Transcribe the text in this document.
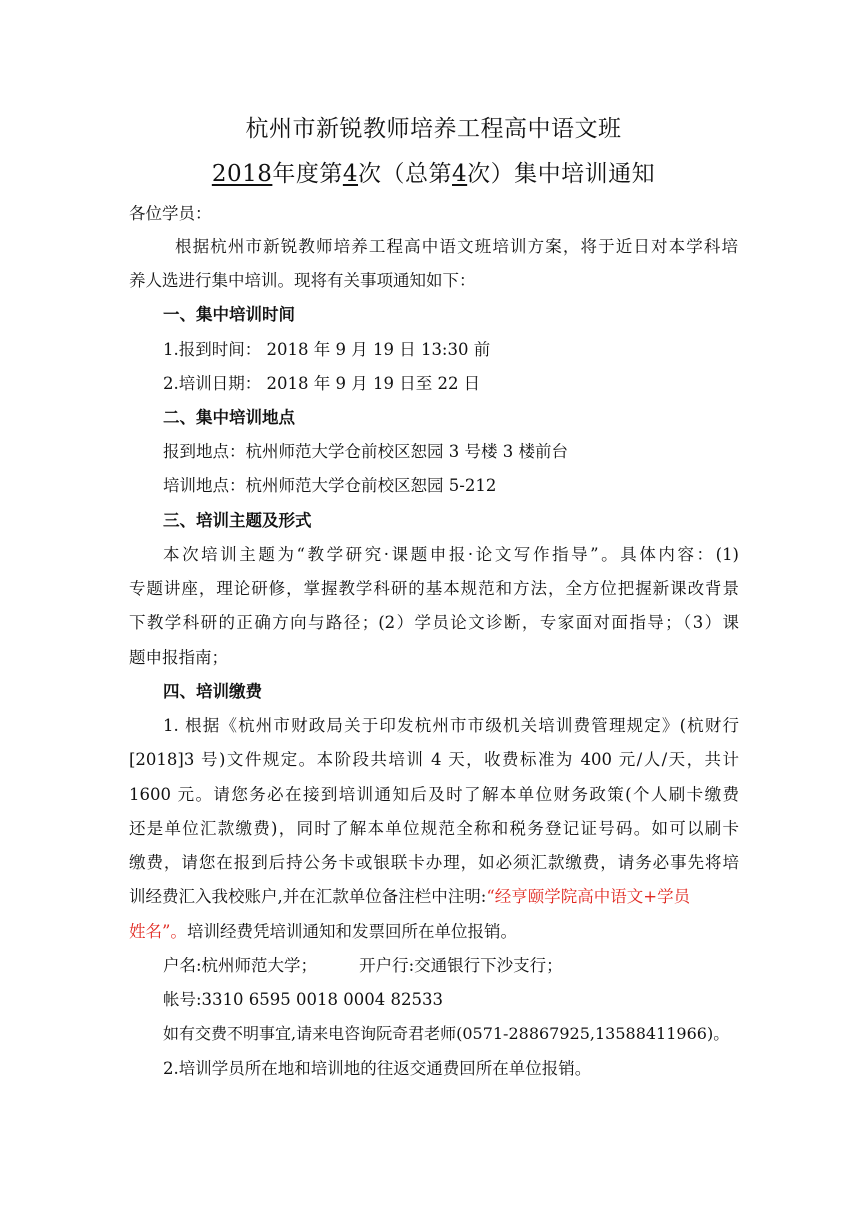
杭州市新锐教师培养工程高中语文班
2018年度第4次（总第4次）集中培训通知
各位学员：
根据杭州市新锐教师培养工程高中语文班培训方案，将于近日对本学科培
养人选进行集中培训。现将有关事项通知如下：
一、集中培训时间
1.报到时间： 2018 年 9 月 19 日 13:30 前
2.培训日期： 2018 年 9 月 19 日至 22 日
二、集中培训地点
报到地点：杭州师范大学仓前校区恕园 3 号楼 3 楼前台
培训地点：杭州师范大学仓前校区恕园 5-212
三、培训主题及形式
本次培训主题为“教学研究·课题申报·论文写作指导”。具体内容：(1)
专题讲座，理论研修，掌握教学科研的基本规范和方法，全方位把握新课改背景
下教学科研的正确方向与路径；(2）学员论文诊断，专家面对面指导；（3）课
题申报指南；
四、培训缴费
1. 根据《杭州市财政局关于印发杭州市市级机关培训费管理规定》(杭财行
[2018]3 号)文件规定。本阶段共培训 4 天，收费标准为 400 元/人/天，共计
1600 元。请您务必在接到培训通知后及时了解本单位财务政策(个人刷卡缴费
还是单位汇款缴费)，同时了解本单位规范全称和税务登记证号码。如可以刷卡
缴费，请您在报到后持公务卡或银联卡办理，如必须汇款缴费，请务必事先将培
训经费汇入我校账户,并在汇款单位备注栏中注明:“经亨颐学院高中语文+学员
姓名”。培训经费凭培训通知和发票回所在单位报销。
户名:杭州师范大学；	开户行:交通银行下沙支行；
帐号:3310 6595 0018 0004 82533
如有交费不明事宜,请来电咨询阮奇君老师(0571-28867925,13588411966)。
2.培训学员所在地和培训地的往返交通费回所在单位报销。
